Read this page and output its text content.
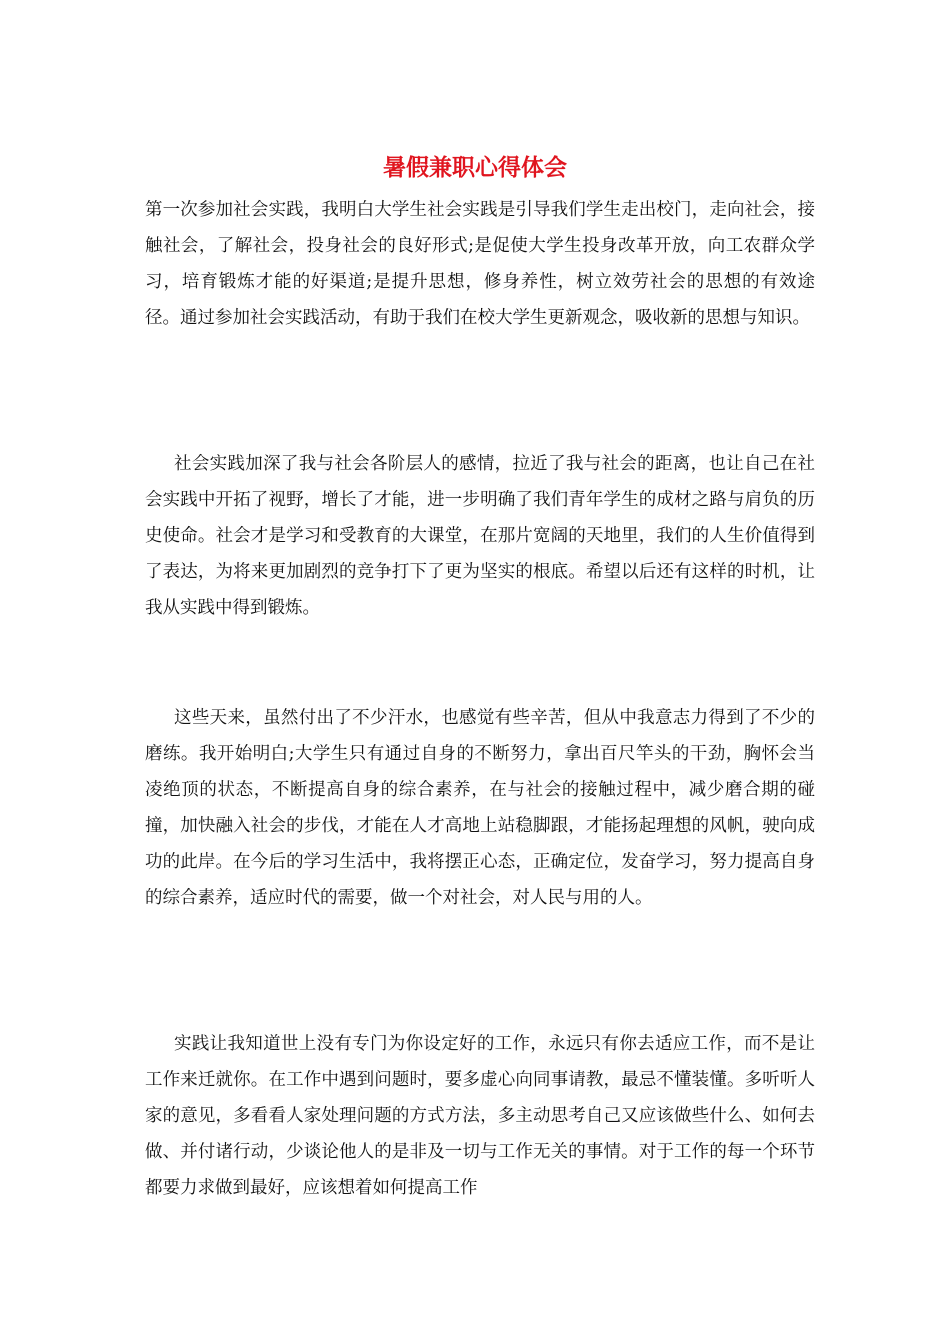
暑假兼职心得体会

第一次参加社会实践，我明白大学生社会实践是引导我们学生走出校门，走向社会，接触社会，了解社会，投身社会的良好形式;是促使大学生投身改革开放，向工农群众学习，培育锻炼才能的好渠道;是提升思想，修身养性，树立效劳社会的思想的有效途径。通过参加社会实践活动，有助于我们在校大学生更新观念，吸收新的思想与知识。

社会实践加深了我与社会各阶层人的感情，拉近了我与社会的距离，也让自己在社会实践中开拓了视野，增长了才能，进一步明确了我们青年学生的成材之路与肩负的历史使命。社会才是学习和受教育的大课堂，在那片宽阔的天地里，我们的人生价值得到了表达，为将来更加剧烈的竞争打下了更为坚实的根底。希望以后还有这样的时机，让我从实践中得到锻炼。

这些天来，虽然付出了不少汗水，也感觉有些辛苦，但从中我意志力得到了不少的磨练。我开始明白;大学生只有通过自身的不断努力，拿出百尺竿头的干劲，胸怀会当凌绝顶的状态，不断提高自身的综合素养，在与社会的接触过程中，减少磨合期的碰撞，加快融入社会的步伐，才能在人才高地上站稳脚跟，才能扬起理想的风帆，驶向成功的此岸。在今后的学习生活中，我将摆正心态，正确定位，发奋学习，努力提高自身的综合素养，适应时代的需要，做一个对社会，对人民与用的人。

实践让我知道世上没有专门为你设定好的工作，永远只有你去适应工作，而不是让工作来迁就你。在工作中遇到问题时，要多虚心向同事请教，最忌不懂装懂。多听听人家的意见，多看看人家处理问题的方式方法，多主动思考自己又应该做些什么、如何去做、并付诸行动，少谈论他人的是非及一切与工作无关的事情。对于工作的每一个环节都要力求做到最好，应该想着如何提高工作
